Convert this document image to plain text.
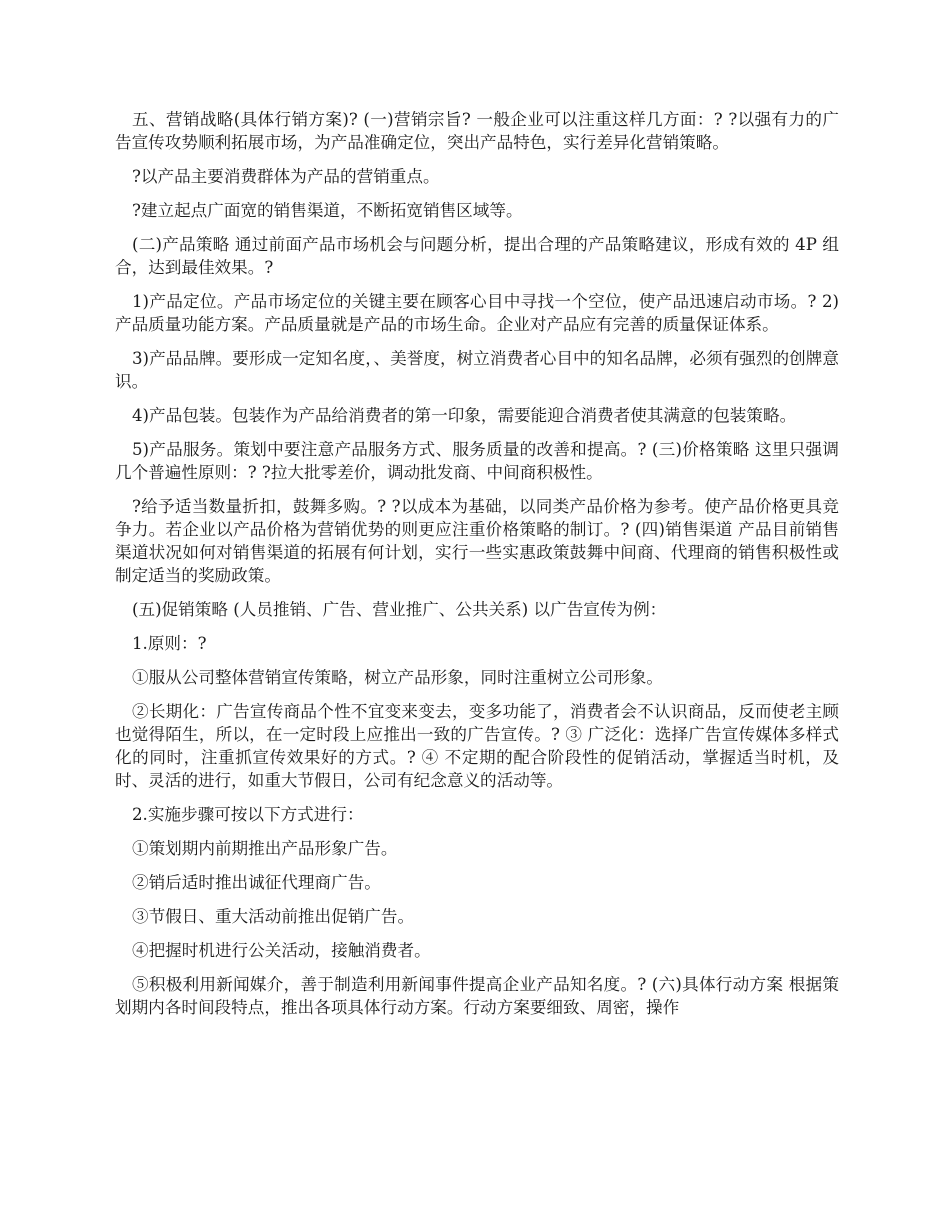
五、营销战略(具体行销方案)? (一)营销宗旨? 一般企业可以注重这样几方面：? ?以强有力的广告宣传攻势顺利拓展市场，为产品准确定位，突出产品特色，实行差异化营销策略。

?以产品主要消费群体为产品的营销重点。

?建立起点广面宽的销售渠道，不断拓宽销售区域等。

(二)产品策略 通过前面产品市场机会与问题分析，提出合理的产品策略建议，形成有效的 4P 组合，达到最佳效果。?

1)产品定位。产品市场定位的关键主要在顾客心目中寻找一个空位，使产品迅速启动市场。? 2)产品质量功能方案。产品质量就是产品的市场生命。企业对产品应有完善的质量保证体系。

3)产品品牌。要形成一定知名度，、美誉度，树立消费者心目中的知名品牌，必须有强烈的创牌意识。

4)产品包装。包装作为产品给消费者的第一印象，需要能迎合消费者使其满意的包装策略。

5)产品服务。策划中要注意产品服务方式、服务质量的改善和提高。? (三)价格策略 这里只强调几个普遍性原则：? ?拉大批零差价，调动批发商、中间商积极性。

?给予适当数量折扣，鼓舞多购。? ?以成本为基础，以同类产品价格为参考。使产品价格更具竞争力。若企业以产品价格为营销优势的则更应注重价格策略的制订。? (四)销售渠道 产品目前销售渠道状况如何对销售渠道的拓展有何计划，实行一些实惠政策鼓舞中间商、代理商的销售积极性或制定适当的奖励政策。

(五)促销策略 (人员推销、广告、营业推广、公共关系) 以广告宣传为例：

1.原则：?

①服从公司整体营销宣传策略，树立产品形象，同时注重树立公司形象。

②长期化：广告宣传商品个性不宜变来变去，变多功能了，消费者会不认识商品，反而使老主顾也觉得陌生，所以，在一定时段上应推出一致的广告宣传。? ③ 广泛化：选择广告宣传媒体多样式化的同时，注重抓宣传效果好的方式。? ④ 不定期的配合阶段性的促销活动，掌握适当时机，及时、灵活的进行，如重大节假日，公司有纪念意义的活动等。

2.实施步骤可按以下方式进行：

①策划期内前期推出产品形象广告。

②销后适时推出诚征代理商广告。

③节假日、重大活动前推出促销广告。

④把握时机进行公关活动，接触消费者。

⑤积极利用新闻媒介，善于制造利用新闻事件提高企业产品知名度。? (六)具体行动方案 根据策划期内各时间段特点，推出各项具体行动方案。行动方案要细致、周密，操作
